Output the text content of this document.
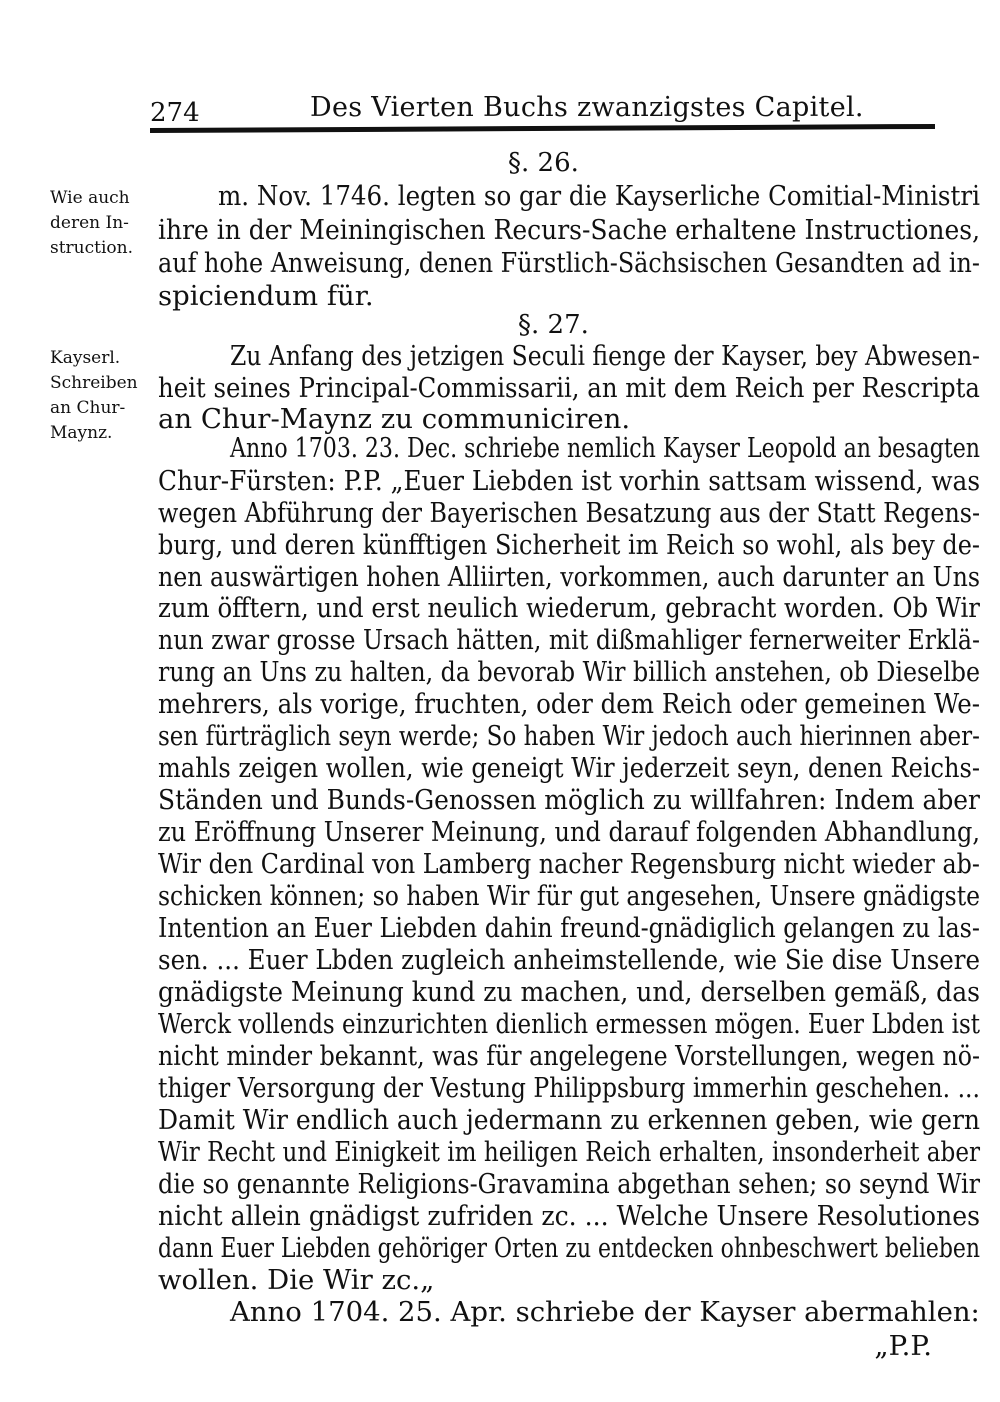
274	Des Vierten Buchs zwanzigstes Capitel.
§. 26.
Wie auch
deren In-
struction.
m. Nov. 1746. legten so gar die Kayserliche Comitial-Ministri
ihre in der Meiningischen Recurs-Sache erhaltene Instructiones,
auf hohe Anweisung, denen Fürstlich-Sächsischen Gesandten ad in-
spiciendum für.
§. 27.
Kayserl.
Schreiben
an Chur-
Maynz.
Zu Anfang des jetzigen Seculi fienge der Kayser, bey Abwesen-
heit seines Principal-Commissarii, an mit dem Reich per Rescripta
an Chur-Maynz zu communiciren.
Anno 1703. 23. Dec. schriebe nemlich Kayser Leopold an besagten
Chur-Fürsten: P.P. „Euer Liebden ist vorhin sattsam wissend, was
wegen Abführung der Bayerischen Besatzung aus der Statt Regens-
burg, und deren künfftigen Sicherheit im Reich so wohl, als bey de-
nen auswärtigen hohen Alliirten, vorkommen, auch darunter an Uns
zum öfftern, und erst neulich wiederum, gebracht worden. Ob Wir
nun zwar grosse Ursach hätten, mit dißmahliger fernerweiter Erklä-
rung an Uns zu halten, da bevorab Wir billich anstehen, ob Dieselbe
mehrers, als vorige, fruchten, oder dem Reich oder gemeinen We-
sen fürträglich seyn werde; So haben Wir jedoch auch hierinnen aber-
mahls zeigen wollen, wie geneigt Wir jederzeit seyn, denen Reichs-
Ständen und Bunds-Genossen möglich zu willfahren: Indem aber
zu Eröffnung Unserer Meinung, und darauf folgenden Abhandlung,
Wir den Cardinal von Lamberg nacher Regensburg nicht wieder ab-
schicken können; so haben Wir für gut angesehen, Unsere gnädigste
Intention an Euer Liebden dahin freund-gnädiglich gelangen zu las-
sen. ... Euer Lbden zugleich anheimstellende, wie Sie dise Unsere
gnädigste Meinung kund zu machen, und, derselben gemäß, das
Werck vollends einzurichten dienlich ermessen mögen. Euer Lbden ist
nicht minder bekannt, was für angelegene Vorstellungen, wegen nö-
thiger Versorgung der Vestung Philippsburg immerhin geschehen. ...
Damit Wir endlich auch jedermann zu erkennen geben, wie gern
Wir Recht und Einigkeit im heiligen Reich erhalten, insonderheit aber
die so genannte Religions-Gravamina abgethan sehen; so seynd Wir
nicht allein gnädigst zufriden zc. ... Welche Unsere Resolutiones
dann Euer Liebden gehöriger Orten zu entdecken ohnbeschwert belieben
wollen. Die Wir zc.„
Anno 1704. 25. Apr. schriebe der Kayser abermahlen:
„P.P.
